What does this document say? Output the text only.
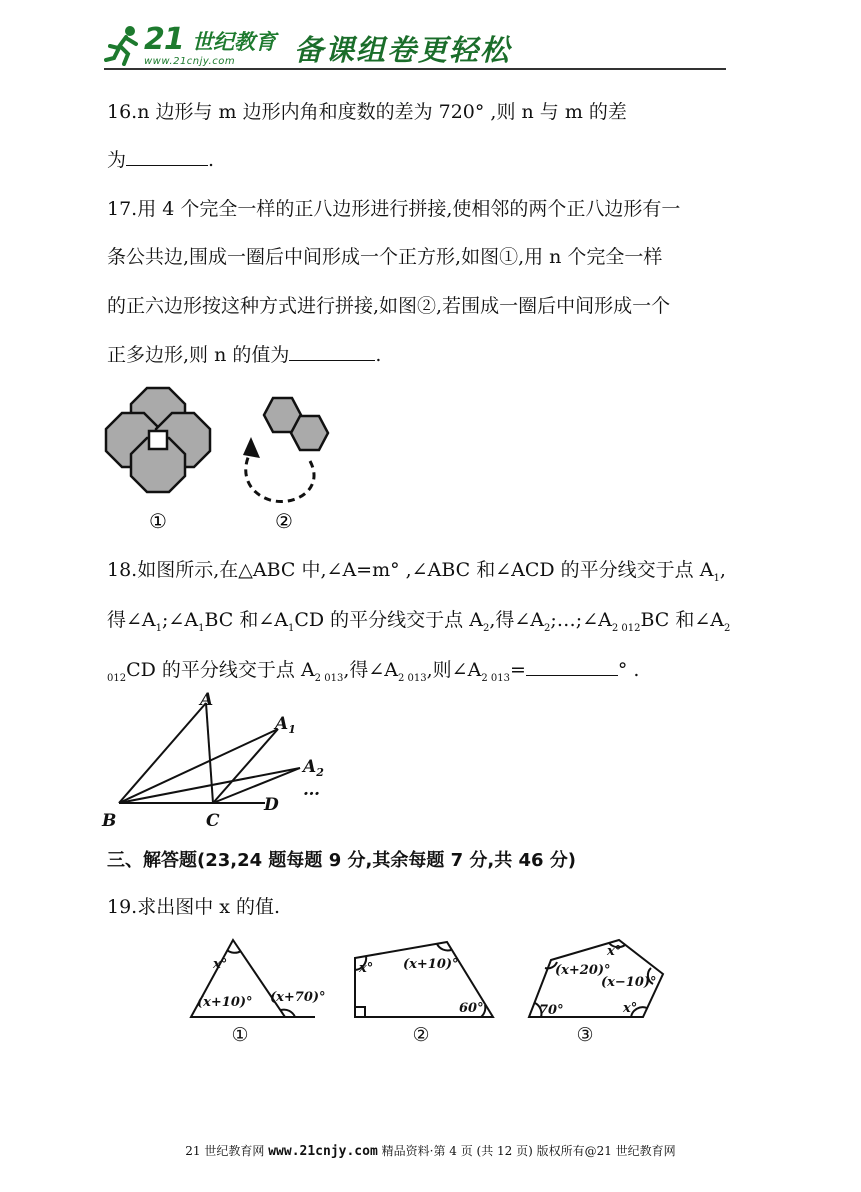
21 世纪教育
www.21cnjy.com 备课组卷更轻松
16.n 边形与 m 边形内角和度数的差为 720° ,则 n 与 m 的差
为	.
17.用 4 个完全一样的正八边形进行拼接,使相邻的两个正八边形有一
条公共边,围成一圈后中间形成一个正方形,如图①,用 n 个完全一样
的正六边形按这种方式进行拼接,如图②,若围成一圈后中间形成一个
正多边形,则 n 的值为	.
①	②
18.如图所示,在△ABC 中,∠A=m° ,∠ABC 和∠ACD 的平分线交于点 $A_1$,
得$\angle A_1;\angle A_1BC$ 和$\angle A_1CD$ 的平分线交于点 $A_2$,得$\angle A_2;\dots;\angle A_{2 012}BC$ 和$\angle A_2$
$_{012}$CD 的平分线交于点 $A_{2 013}$,得$\angle A_{2 013}$,则$\angle A_{2 013}=$	° .
A
$A_1$
$A_2$
B	C
D
…
三、解答题(23,24 题每题 9 分,其余每题 7 分,共 46 分)
19.求出图中 x 的值.
x°
(x+10)° (x+70)°
x° (x+10)°
60°
x°
(x+20)°
(x−10)°
70°	x°
①	②	③
21 世纪教育网 www.21cnjy.com 精品资料·第 4 页 (共 12 页) 版权所有@21 世纪教育网
